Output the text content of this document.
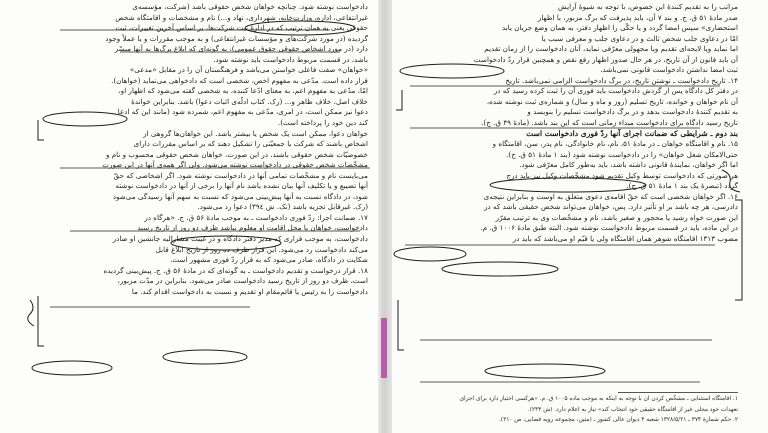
دادخواست نوشته شود. چنانچه خواهان شخص حقوقی باشد (شرکت، مؤسسه‌ی
غیرانتفاعی، اداره، وزارت‌خانه، شهرداری، نهاد و...) نام و مشخصات و اقامتگاه شخص
حقوقی یعنی به همان ترتیب که در ادارهٔ ثبت شرکت‌ها، بر اساس آخرین تغییرات، ثبت
گردیده (در مورد شرکت‌های و مؤسسات غیرانتفاعی) و به موجب مقررات و یا عملاً وجود
دارد (در مورد اشخاص حقوقی حقوق عمومی)، به گونه‌ای که ابلاغ برگ‌ها به آنها میسّر
باشد، در قسمت مربوط دادخواست باید نوشته شود.
«خواهان» صفت فاعلی خواستن می‌باشد و فرهنگستان آن را در مقابل «مدعی»
قرار داده است. مدّعی به مفهوم اخص، شخصی است که دادخواهی می‌نماید (خواهان).
امّا، مدّعی به مفهوم اعم، به معنای ادّعا کننده، به شخصی گفته می‌شود که اظهار او،
خلاف اصل، خلاف ظاهر و... (رک. کتاب ادلّه‌ی اثبات دعوا) باشد. بنابراین خواندهٔ
دعوا نیز ممکن است، در امری، مدّعی به مفهوم اعم، شمرده شود (مانند این که ادعا
کند دین خود را پرداخته است).
خواهان دعوا، ممکن است یک شخص یا بیشتر باشد. این خواهان‌ها گروهی از
اشخاص باشند که شرکت یا جمعیّتی را تشکیل دهند که بر اساس مقررات دارای
خصوصیّات شخص حقوقی باشند. در این صورت، خواهان شخص حقوقی محسوب و نام و
مشخّصات شخص حقوقی در دادخواست نوشته می‌شود. ولی اگر همه‌ی آنها در این صورت
می‌بایست نام و مشخّصات تمامی آنها در دادخواست نوشته شود. اگر اشخاصی که حقّ
آنها تضییع و یا تکلیف آنها بیان نشده باشد نام آنها را برخی از آنها در دادخواست نوشته
شود، در دادگاه نسبت به آنها پیش‌بینی می‌شود که نسبت به سهم آنها رسیدگی می‌شود
(رک. غیرقابل تجزیه باشد (نک. ش ٣٩٤) دعوا رد می‌شود.
۱۷. ضمانت اجرا: ردّ فوری دادخواست ـ به موجب مادهٔ ۵۶ ق. ج. «هرگاه در
دادخواست، خواهان یا محل اقامت او معلوم نباشد ظرف دو روز از تاریخ رسید
دادخواست، به موجب قراری که مدیر دفتر دادگاه و در غیبت مشارالیه جانشین او صادر
می‌کند دادخواست رد می‌شود. این قرار ظرف ده روز از تاریخ ابلاغ قابل
شکایت در دادگاه، صادر می‌شود که به قرار ردّ فوری مشهور است.
۱۸. قرار درخواست و تقدیم دادخواست ـ به گونه‌ای که در مادهٔ ۵۶ ق. ج. پیش‌بینی گردیده
است، ظرف دو روز از تاریخ رسید دادخواست صادر می‌شود. بنابراین در مدّت مزبور،
دادخواست را به رئیس یا قائم‌مقام او تقدیم و نسبت به دادخواست اقدام کند. ما
مراتب را به تقدیم کنندهٔ این خصوص، با توجه به شیوهٔ آرایش
صدر مادهٔ ۵۱ ق. ج. و بند ۷ آن، باید پذیرفت که برگ مزبور، با اظهار
استحضاری» سپس امضا گردد و یا حکّی را اظهار دفتر، به همان وضع جریان یابد
امّا در دعاوی جلب شخص ثالث و در دعاوی جلب و معرفی سبب یا
اما نماید ویا لایحه‌ای تقدیم ویا مجهولی معرّفی نماید، آنان دادخواست را از زمان تقدیم
آن باید قانون از آن تاریخ، در هر حال صدور اظهار رفع نقص و همچنین قرار ردّ دادخواست
ثبت امضا نداشتن دادخواست قانونی نمی‌باشد.
۱۴. تاریخ دادخواست ـ نوشتن تاریخ، در برگ دادخواست الزامی نمی‌باشد. تاریخ
در دفتر کل دادگاه پس از گردش دادخواست باید فوری آن را ثبت کرده رسید که در
آن نام خواهان و خوانده، تاریخ تسلیم (روز و ماه و سال) و شماره‌ی ثبت نوشته شده،
به تقدیم کنندهٔ دادخواست بدهد و در برگ دادخواست تسلیم را بنویسد و
تاریخ رسید دادگاه برای دادخواست مبداء زمانی است که این بند باشد. (مادهٔ ۴۹ ق. ج).
بند دوم ـ شرایطی که ضمانت اجرای آنها ردّ فوری دادخواست است
۱۵. نام و اقامتگاه خواهان ـ در مادهٔ ۵۱، نام، نام خانوادگی، نام پدر، سن، اقامتگاه و
حتی‌الامکان شغل خواهان» را در دادخواست نوشته شود (بند ۱ مادهٔ ۵۱ ق. ج).
اما اگر خواهان، نمایندهٔ قانونی داشته باشد، باید به‌طور کامل معرّفی شود.
هر صورتی که دادخواست توسط وکیل تقدیم شود مشخّصات وکیل نیز باید درج
گردد (تبصرهٔ یک بند ۱ مادهٔ ۵۱ ق. ج).
۱۶. اگر خواهان شخصی است که حقّ اقامه‌ی دعوی متعلق به اوست و بنابراین نتیجه‌ی
دادرسی، هر چه باشد بر او تأثیر دارد. پس، خواهان می‌تواند شخص حقیقی باشد که در
این صورت خواه رشید یا محجور و صغیر باشد، نام و مشخّصات وی به ترتیب مقرّر
در این ماده، باید در قسمت مربوط دادخواست نوشته شود. البته طبق مادهٔ ۱۰۰۶ ق. م.
مصوب ۱۳۱۳ اقامتگاه شوهر همان اقامتگاه ولی یا قیّم او می‌باشد که باید در
۱. اقامتگاه استثنایی ـ مشخّص کردن آن با توجه به اینکه به موجب ماده ۱۰۰۵ ق. م. «هرکسی اختیار دارد برای اجرای
تعهدات خود محلی غیر از اقامتگاه حقیقی خود انتخاب کند» نیاز به اعلام دارد. (ش ۲۳۴).
۲. حکم شمارهٔ ۳۷۴ ـ ۱۳۲۸/۵/۲۱ شعبه ۴ دیوان عالی کشور ـ (متین، مجموعه رویه قضایی، ص ۳۱۰).
